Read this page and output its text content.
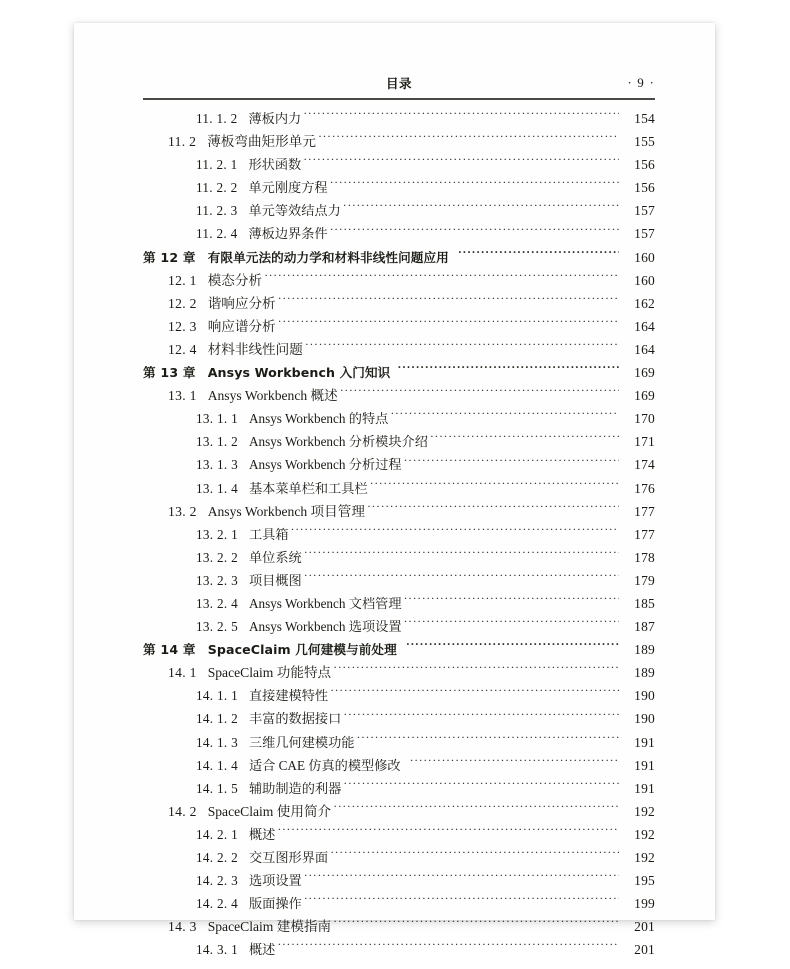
目录	· 9 ·
11. 1. 2 薄板内力 ·····	154
11. 2 薄板弯曲矩形单元 ·····	155
11. 2. 1 形状函数 ·····	156
11. 2. 2 单元刚度方程 ·····	156
11. 2. 3 单元等效结点力 ·····	157
11. 2. 4 薄板边界条件 ·····	157
第 12 章 有限单元法的动力学和材料非线性问题应用 ·····	160
12. 1 模态分析 ·····	160
12. 2 谐响应分析 ·····	162
12. 3 响应谱分析 ·····	164
12. 4 材料非线性问题 ·····	164
第 13 章 Ansys Workbench 入门知识 ·····	169
13. 1 Ansys Workbench 概述 ·····	169
13. 1. 1 Ansys Workbench 的特点 ·····	170
13. 1. 2 Ansys Workbench 分析模块介绍 ·····	171
13. 1. 3 Ansys Workbench 分析过程 ·····	174
13. 1. 4 基本菜单栏和工具栏 ·····	176
13. 2 Ansys Workbench 项目管理 ·····	177
13. 2. 1 工具箱 ·····	177
13. 2. 2 单位系统 ·····	178
13. 2. 3 项目概图 ·····	179
13. 2. 4 Ansys Workbench 文档管理 ·····	185
13. 2. 5 Ansys Workbench 选项设置 ·····	187
第 14 章 SpaceClaim 几何建模与前处理 ·····	189
14. 1 SpaceClaim 功能特点 ·····	189
14. 1. 1 直接建模特性 ·····	190
14. 1. 2 丰富的数据接口 ·····	190
14. 1. 3 三维几何建模功能 ·····	191
14. 1. 4 适合 CAE 仿真的模型修改 ·····	191
14. 1. 5 辅助制造的利器 ·····	191
14. 2 SpaceClaim 使用简介 ·····	192
14. 2. 1 概述 ·····	192
14. 2. 2 交互图形界面 ·····	192
14. 2. 3 选项设置 ·····	195
14. 2. 4 版面操作 ·····	199
14. 3 SpaceClaim 建模指南 ·····	201
14. 3. 1 概述 ·····	201
